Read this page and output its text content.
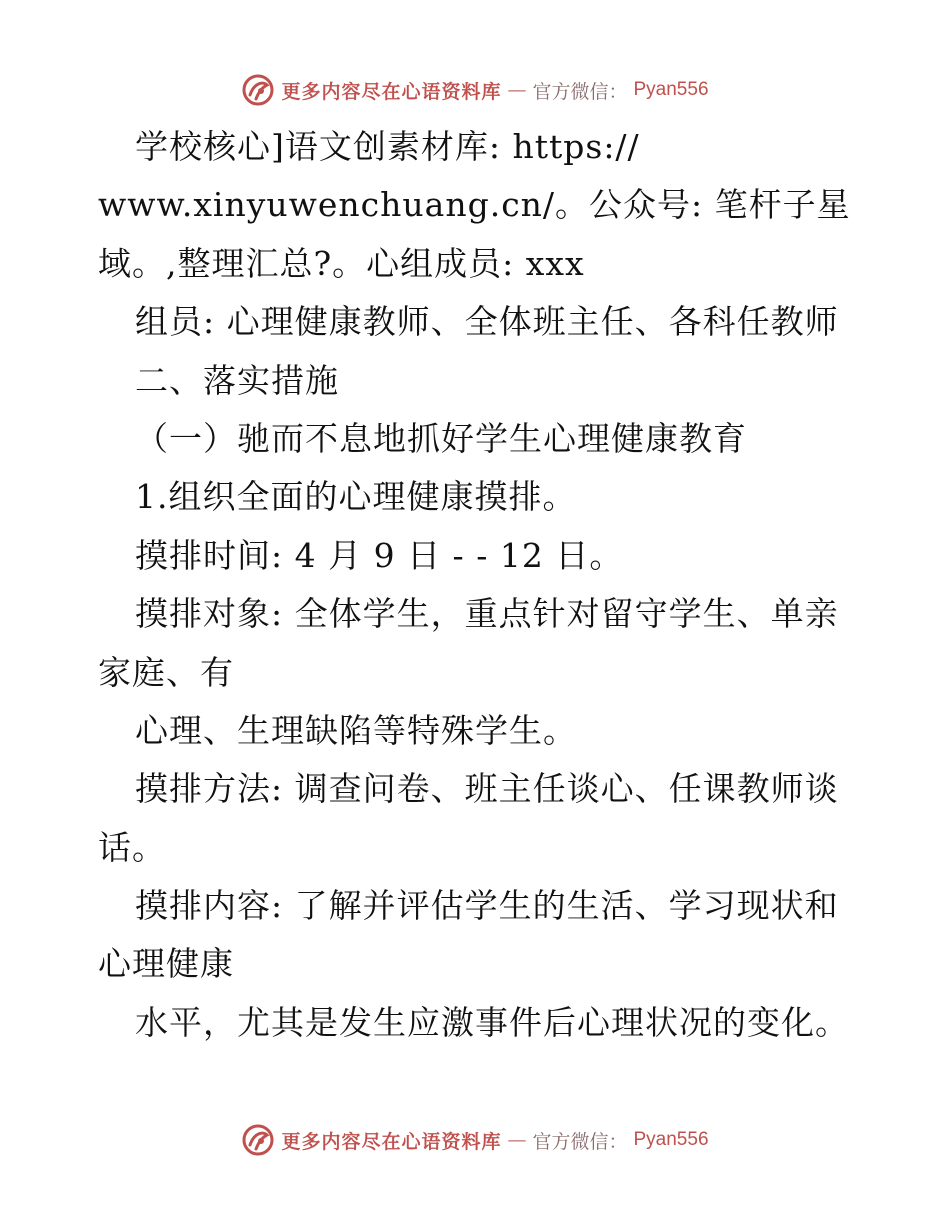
更多内容尽在心语资料库 — 官方微信： Pyan556
学校核心]语文创素材库: https://
www.xinyuwenchuang.cn/。公众号: 笔杆子星
域。,整理汇总?。心组成员: xxx
组员: 心理健康教师、全体班主任、各科任教师
二、落实措施
（一）驰而不息地抓好学生心理健康教育
1.组织全面的心理健康摸排。
摸排时间: 4 月 9 日 - - 12 日。
摸排对象: 全体学生，重点针对留守学生、单亲
家庭、有
心理、生理缺陷等特殊学生。
摸排方法: 调查问卷、班主任谈心、任课教师谈
话。
摸排内容: 了解并评估学生的生活、学习现状和
心理健康
水平，尤其是发生应激事件后心理状况的变化。
更多内容尽在心语资料库 — 官方微信： Pyan556
